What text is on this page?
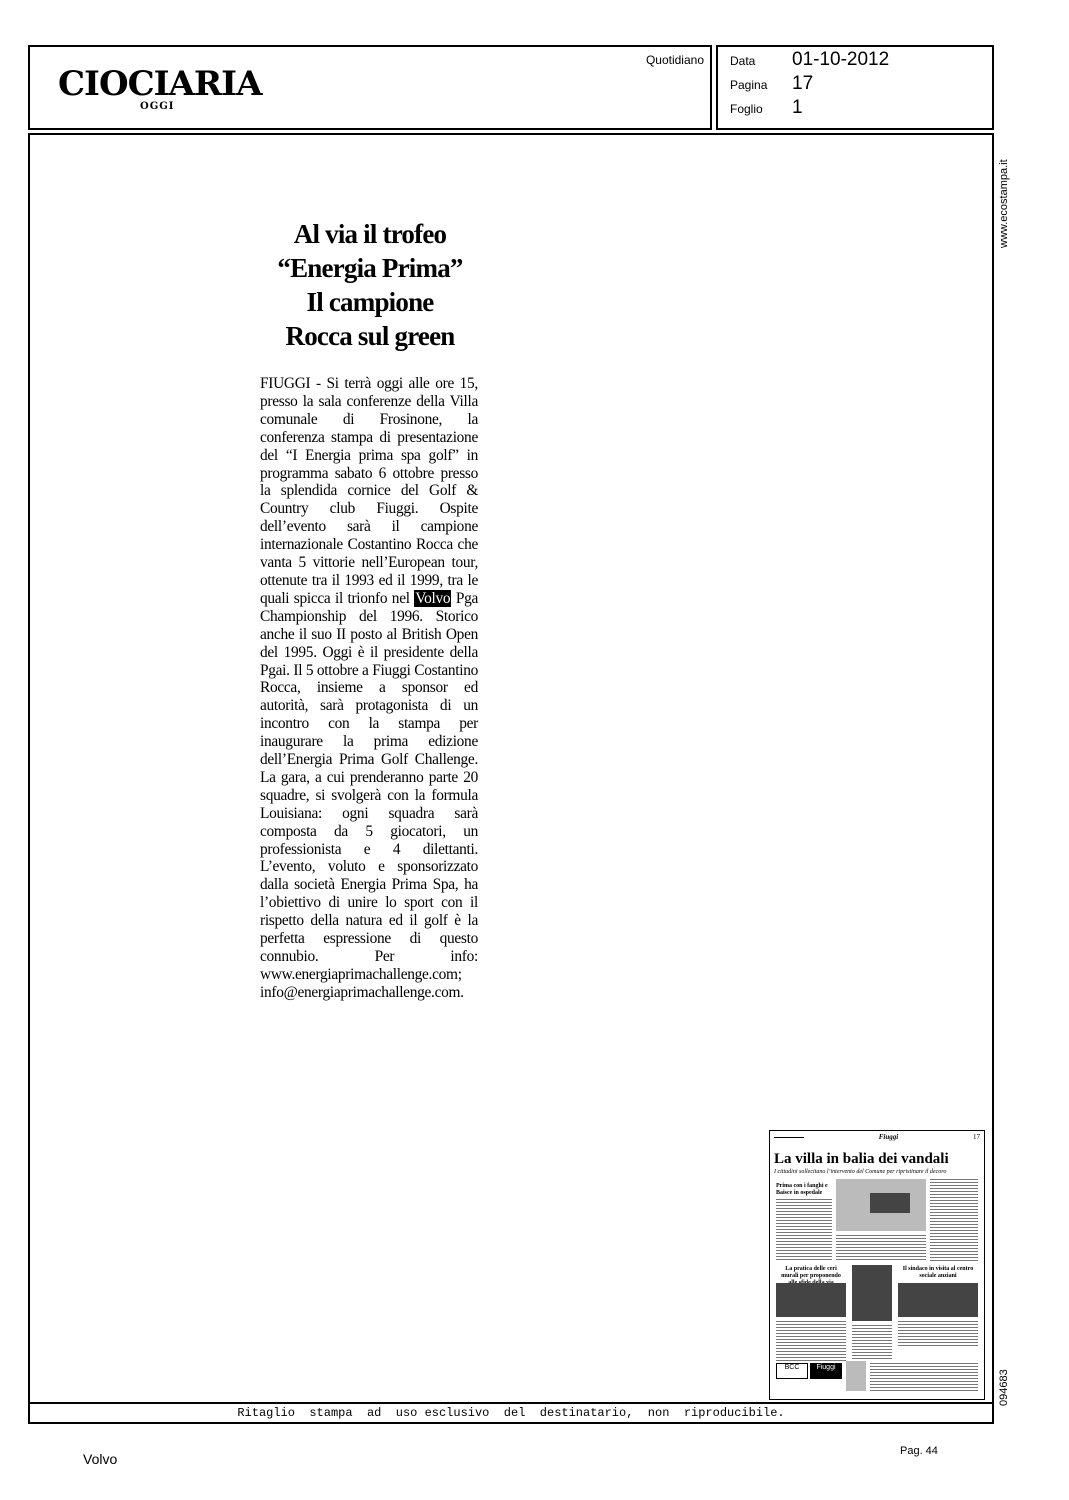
CIOCIARIA
OGGI
Quotidiano Data 01-10-2012
Pagina 17
Foglio 1
www.ecostampa.it
094683
Al via il trofeo
“Energia Prima”
Il campione
Rocca sul green
FIUGGI - Si terrà oggi alle ore 15, presso la sala conferenze della Villa comunale di Frosinone, la conferenza stampa di presentazione del “I Energia prima spa golf” in programma sabato 6 ottobre presso la splendida cornice del Golf & Country club Fiuggi. Ospite dell’evento sarà il campione internazionale Costantino Rocca che vanta 5 vittorie nell’European tour, ottenute tra il 1993 ed il 1999, tra le quali spicca il trionfo nel Volvo Pga Championship del 1996. Storico anche il suo II posto al British Open del 1995. Oggi è il presidente della Pgai. Il 5 ottobre a Fiuggi Costantino Rocca, insieme a sponsor ed autorità, sarà protagonista di un incontro con la stampa per inaugurare la prima edizione dell’Energia Prima Golf Challenge. La gara, a cui prenderanno parte 20 squadre, si svolgerà con la formula Louisiana: ogni squadra sarà composta da 5 giocatori, un professionista e 4 dilettanti. L’evento, voluto e sponsorizzato dalla società Energia Prima Spa, ha l’obiettivo di unire lo sport con il rispetto della natura ed il golf è la perfetta espressione di questo connubio. Per info: www.energiaprimachallenge.com; info@energiaprimachallenge.com.
Fiuggi	17
La villa in balia dei vandali
I cittadini sollecitano l’intervento del Comune per ripristinare il decoro
Prima con i fanghi e Baisce in ospedale
La pratica delle ceri murali per proponendo
Il sindaco in visita al centro sociale anziani
BCC	Fiuggi
Ritaglio  stampa  ad  uso esclusivo  del  destinatario,  non  riproducibile.
Volvo	Pag. 44
